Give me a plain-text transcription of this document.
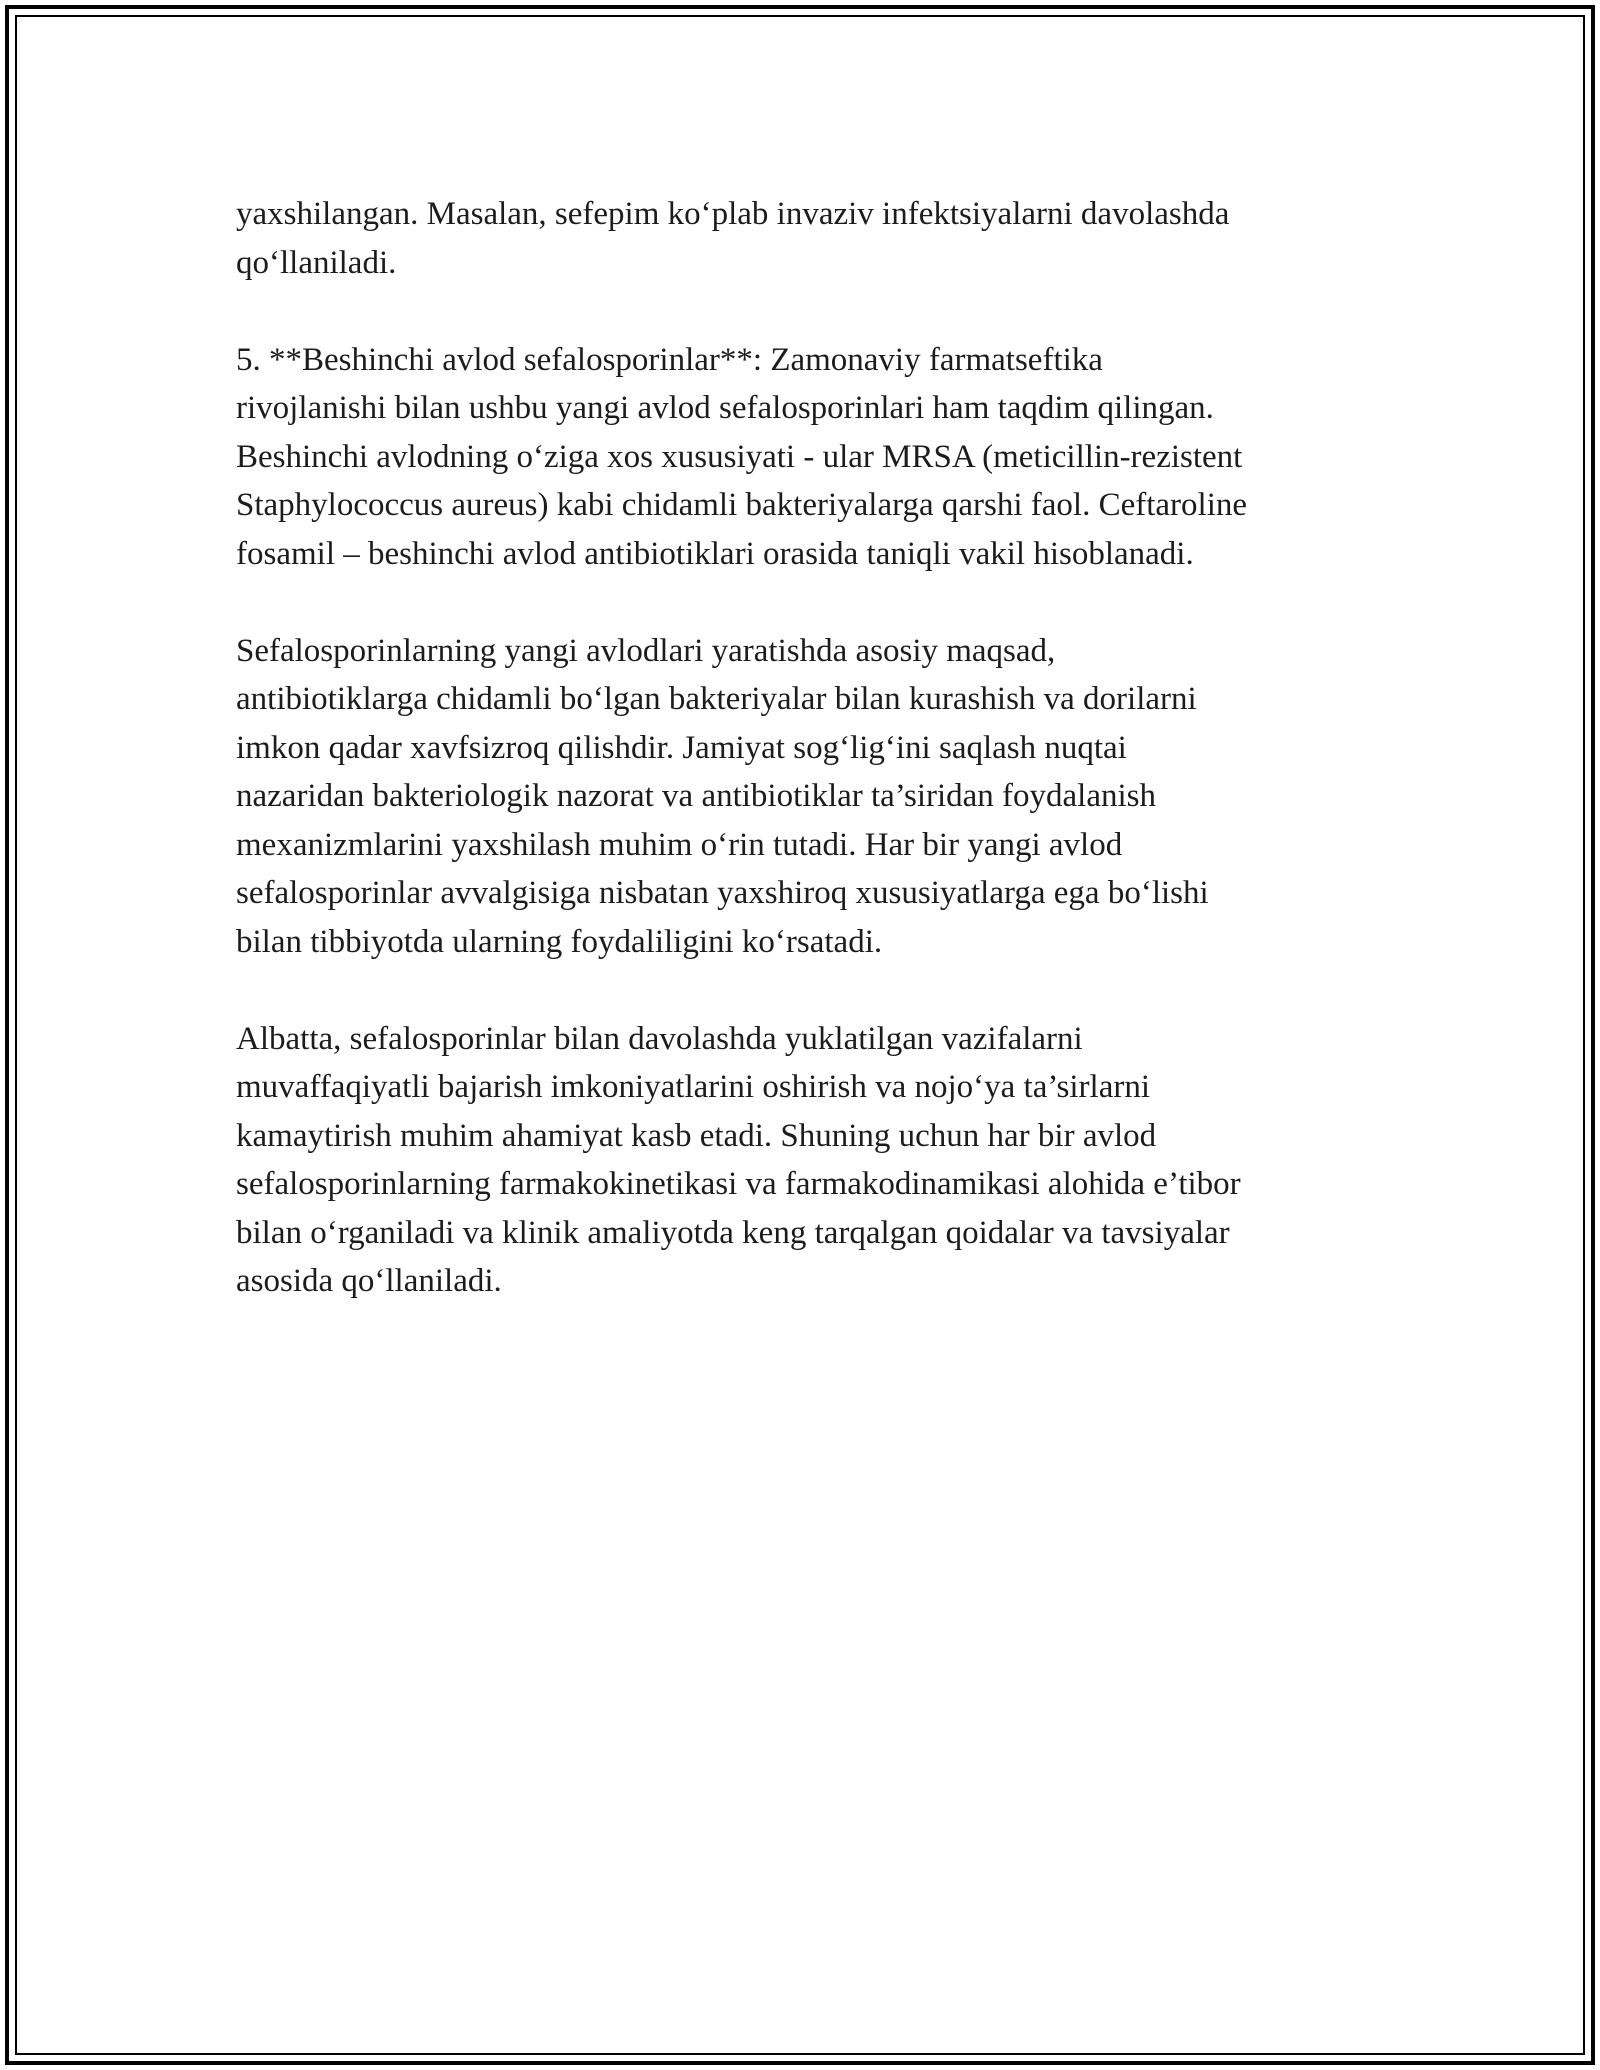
yaxshilangan. Masalan, sefepim ko‘plab invaziv infektsiyalarni davolashda
qo‘llaniladi.

5. **Beshinchi avlod sefalosporinlar**: Zamonaviy farmatseftika
rivojlanishi bilan ushbu yangi avlod sefalosporinlari ham taqdim qilingan.
Beshinchi avlodning o‘ziga xos xususiyati - ular MRSA (meticillin-rezistent
Staphylococcus aureus) kabi chidamli bakteriyalarga qarshi faol. Ceftaroline
fosamil – beshinchi avlod antibiotiklari orasida taniqli vakil hisoblanadi.

Sefalosporinlarning yangi avlodlari yaratishda asosiy maqsad,
antibiotiklarga chidamli bo‘lgan bakteriyalar bilan kurashish va dorilarni
imkon qadar xavfsizroq qilishdir. Jamiyat sog‘lig‘ini saqlash nuqtai
nazaridan bakteriologik nazorat va antibiotiklar ta’siridan foydalanish
mexanizmlarini yaxshilash muhim o‘rin tutadi. Har bir yangi avlod
sefalosporinlar avvalgisiga nisbatan yaxshiroq xususiyatlarga ega bo‘lishi
bilan tibbiyotda ularning foydaliligini ko‘rsatadi.

Albatta, sefalosporinlar bilan davolashda yuklatilgan vazifalarni
muvaffaqiyatli bajarish imkoniyatlarini oshirish va nojo‘ya ta’sirlarni
kamaytirish muhim ahamiyat kasb etadi. Shuning uchun har bir avlod
sefalosporinlarning farmakokinetikasi va farmakodinamikasi alohida e’tibor
bilan o‘rganiladi va klinik amaliyotda keng tarqalgan qoidalar va tavsiyalar
asosida qo‘llaniladi.
